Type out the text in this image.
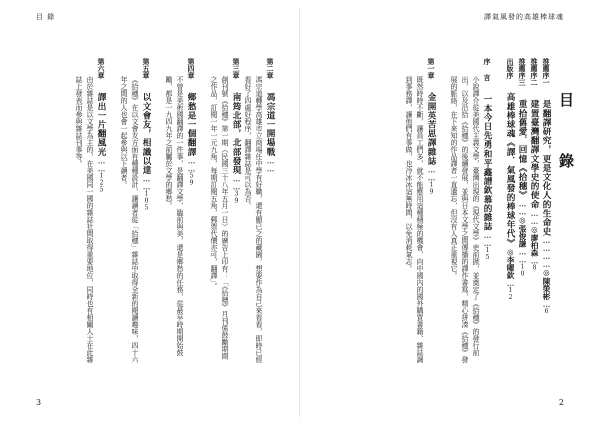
譯氣風發的高雄棒球魂
目 錄
推薦序一　是翻譯研究，更是文化人的生命史…………◎陳榮彬…6
推薦序二　建置臺灣翻譯文學史的使命……◎廖柏森…8
推薦序三　重拾舊愛．回憶《拾穗》……◎張俊謙……10
出版序　高雄棒球魂《譯．氣風發的棒球年代》◎李曜欽…12
序 言　一本今日先勇和平鑫譜欽慕的雜誌……15
小說譯介從美國代主義文學，臺灣出現的《現代文學》吏前掀，並奠定了《拾穗》的發行前出，以及沿拾《拾穗》的後續發展，並與日本文學之間傳播的譯作書寫，精心拼凑《拾穗》發展的脈絡，在下來知的作品譯者一直遺忘，但沒有人真正重視它。
第一章　金開英苦思譯雜誌……19
既然時時不斷，讓員工們多，就不能應用這種積極的機會，向中國內的國外購買書籍、雜誌調到事務譯，讓他們有事做，也冷冰冰這無時間，以免消耗氣志。
2
目 錄
第二章　馮宗道一開場戰……
馮宗道轉學高雄市立商場任中學有好職，還有顯已之的藏園，想要作為自己來看看，即時已經看好了四處好程序，翻譯雜誌是可以為否。
第三章　南筠北部，北部發現……39
創刊號《拾穗》第一期（民國三十八年五月一日）的廣告上印有：「《拾穗》月刊係鼓勵期間之作品，訂閱一年一元九角，每期訂閱五角，郵票代價亦可，翻譯」。
第四章　鄉愁是一個翻譯……59
不曾是美術國翻譯的一件事，是翻譯文學，臨前與美，還是鄉愁的任務，從最早時期開始鼓勵，都是一九四九年之前屬於文學的鄉愁。
第五章　以文會友，相識以達……105
《拾穗》在以文會友方面有種種設計，讓讀者從「拾穗」雜誌中取得全新的閱讀趣味，四十六年之間的人也會一起參與以下讀者。
第六章　譯出一片翻風光……125
由於雜誌是以文學為主的，在美國同一國的雜誌社間取得重要地位，同時也有相關人士在此雜誌上發表而參與雜誌刊事等。
3
